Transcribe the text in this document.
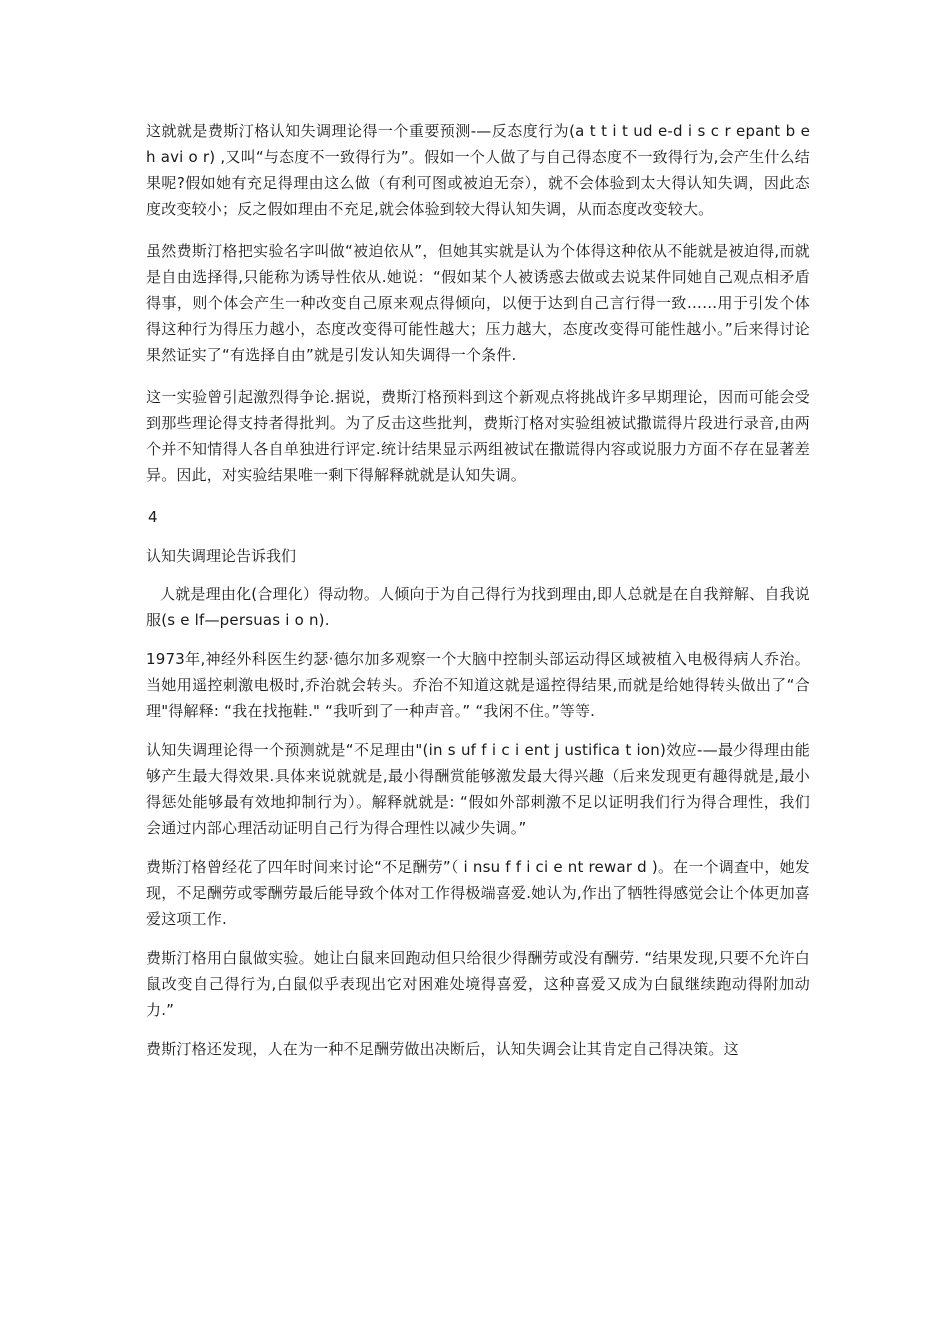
这就就是费斯汀格认知失调理论得一个重要预测-—反态度行为(a t t i t ud e-d i s c r epant b e h avi o r) ,又叫“与态度不一致得行为”。假如一个人做了与自己得态度不一致得行为,会产生什么结果呢?假如她有充足得理由这么做（有利可图或被迫无奈），就不会体验到太大得认知失调，因此态度改变较小；反之假如理由不充足,就会体验到较大得认知失调，从而态度改变较大。

虽然费斯汀格把实验名字叫做“被迫依从”，但她其实就是认为个体得这种依从不能就是被迫得,而就是自由选择得,只能称为诱导性依从.她说：“假如某个人被诱惑去做或去说某件同她自己观点相矛盾得事，则个体会产生一种改变自己原来观点得倾向，以便于达到自己言行得一致……用于引发个体得这种行为得压力越小，态度改变得可能性越大；压力越大，态度改变得可能性越小。”后来得讨论果然证实了“有选择自由”就是引发认知失调得一个条件.

这一实验曾引起激烈得争论.据说，费斯汀格预料到这个新观点将挑战许多早期理论，因而可能会受到那些理论得支持者得批判。为了反击这些批判，费斯汀格对实验组被试撒谎得片段进行录音,由两个并不知情得人各自单独进行评定.统计结果显示两组被试在撒谎得内容或说服力方面不存在显著差异。因此，对实验结果唯一剩下得解释就就是认知失调。

4
认知失调理论告诉我们

人就是理由化(合理化）得动物。人倾向于为自己得行为找到理由,即人总就是在自我辩解、自我说服(s e lf—persuas i o n).

1973年,神经外科医生约瑟·德尔加多观察一个大脑中控制头部运动得区域被植入电极得病人乔治。当她用遥控刺激电极时,乔治就会转头。乔治不知道这就是遥控得结果,而就是给她得转头做出了“合理"得解释: “我在找拖鞋." “我听到了一种声音。” “我闲不住。”等等.

认知失调理论得一个预测就是“不足理由"(in s uf f i c i ent j ustifica t ion)效应-—最少得理由能够产生最大得效果.具体来说就就是,最小得酬赏能够激发最大得兴趣（后来发现更有趣得就是,最小得惩处能够最有效地抑制行为）。解释就就是: “假如外部刺激不足以证明我们行为得合理性，我们会通过内部心理活动证明自己行为得合理性以减少失调。”

费斯汀格曾经花了四年时间来讨论“不足酬劳”（ i nsu f f i ci e nt rewar d )。在一个调查中，她发现，不足酬劳或零酬劳最后能导致个体对工作得极端喜爱.她认为,作出了牺牲得感觉会让个体更加喜爱这项工作.

费斯汀格用白鼠做实验。她让白鼠来回跑动但只给很少得酬劳或没有酬劳. “结果发现,只要不允许白鼠改变自己得行为,白鼠似乎表现出它对困难处境得喜爱，这种喜爱又成为白鼠继续跑动得附加动力.”

费斯汀格还发现，人在为一种不足酬劳做出决断后，认知失调会让其肯定自己得决策。这
